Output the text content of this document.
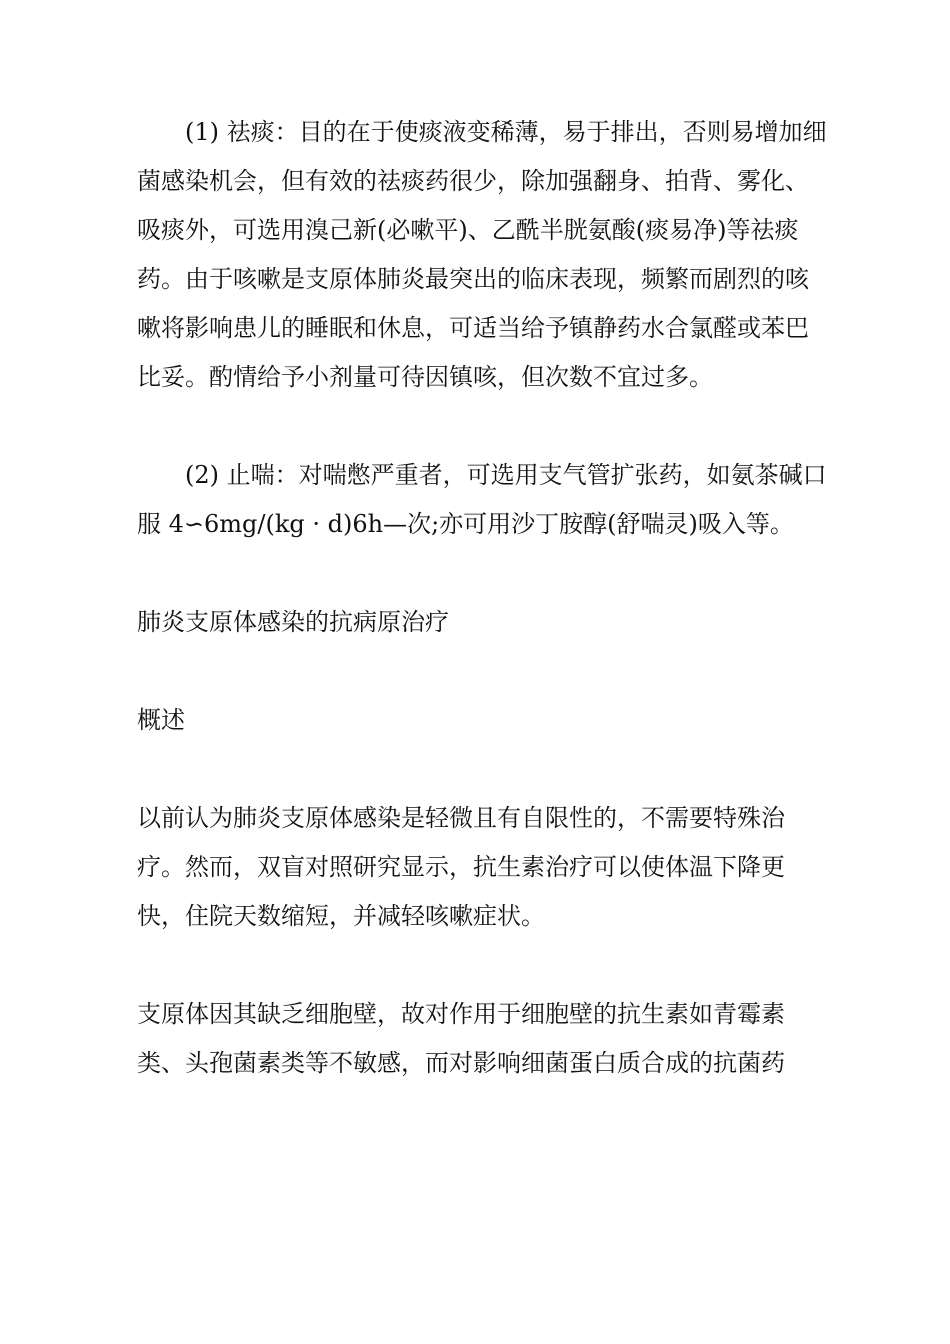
(1) 祛痰：目的在于使痰液变稀薄，易于排出，否则易增加细菌感染机会，但有效的祛痰药很少，除加强翻身、拍背、雾化、吸痰外，可选用溴己新(必嗽平)、乙酰半胱氨酸(痰易净)等祛痰药。由于咳嗽是支原体肺炎最突出的临床表现，频繁而剧烈的咳嗽将影响患儿的睡眠和休息，可适当给予镇静药水合氯醛或苯巴比妥。酌情给予小剂量可待因镇咳，但次数不宜过多。

(2) 止喘：对喘憋严重者，可选用支气管扩张药，如氨茶碱口服 4∽6mg/(kg · d)6h—次;亦可用沙丁胺醇(舒喘灵)吸入等。

肺炎支原体感染的抗病原治疗

概述

以前认为肺炎支原体感染是轻微且有自限性的，不需要特殊治疗。然而，双盲对照研究显示，抗生素治疗可以使体温下降更快，住院天数缩短，并减轻咳嗽症状。

支原体因其缺乏细胞壁，故对作用于细胞壁的抗生素如青霉素类、头孢菌素类等不敏感，而对影响细菌蛋白质合成的抗菌药
